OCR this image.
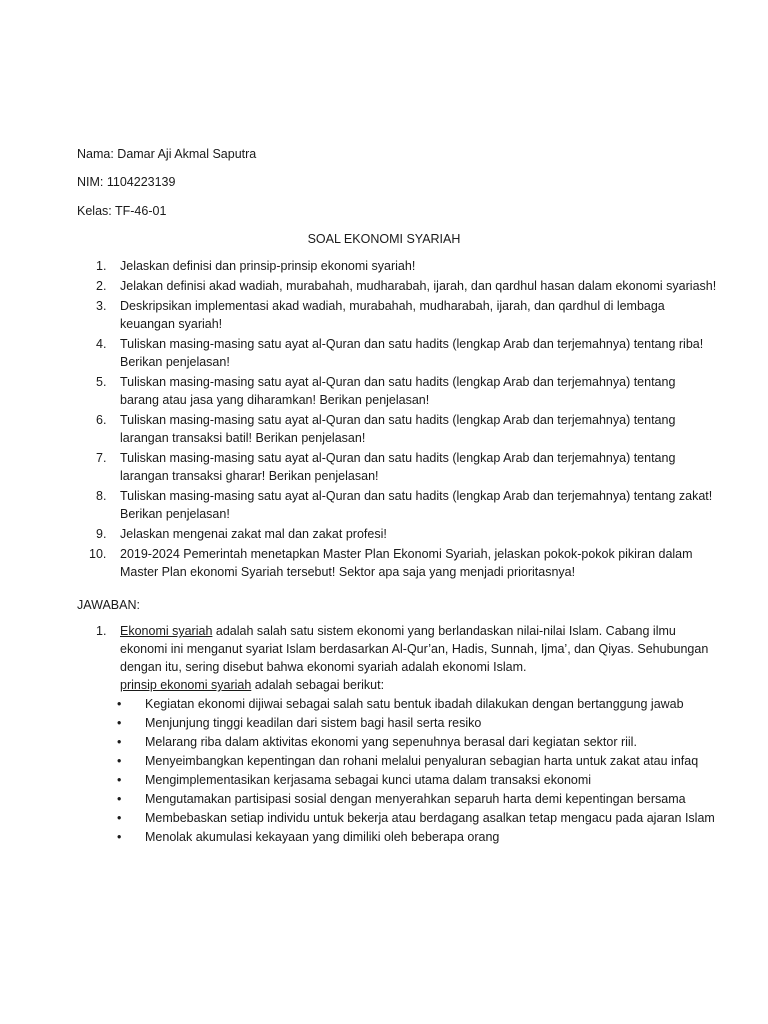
Nama: Damar Aji Akmal Saputra
NIM: 1104223139
Kelas: TF-46-01
SOAL EKONOMI SYARIAH
1.	Jelaskan definisi dan prinsip-prinsip ekonomi syariah!
2.	Jelakan definisi akad wadiah, murabahah, mudharabah, ijarah, dan qardhul hasan dalam ekonomi syariash!
3.	Deskripsikan implementasi akad wadiah, murabahah, mudharabah, ijarah, dan qardhul di lembaga keuangan syariah!
4.	Tuliskan masing-masing satu ayat al-Quran dan satu hadits (lengkap Arab dan terjemahnya) tentang riba! Berikan penjelasan!
5.	Tuliskan masing-masing satu ayat al-Quran dan satu hadits (lengkap Arab dan terjemahnya) tentang barang atau jasa yang diharamkan! Berikan penjelasan!
6.	Tuliskan masing-masing satu ayat al-Quran dan satu hadits (lengkap Arab dan terjemahnya) tentang larangan transaksi batil! Berikan penjelasan!
7.	Tuliskan masing-masing satu ayat al-Quran dan satu hadits (lengkap Arab dan terjemahnya) tentang larangan transaksi gharar! Berikan penjelasan!
8.	Tuliskan masing-masing satu ayat al-Quran dan satu hadits (lengkap Arab dan terjemahnya) tentang zakat! Berikan penjelasan!
9.	Jelaskan mengenai zakat mal dan zakat profesi!
10.	2019-2024 Pemerintah menetapkan Master Plan Ekonomi Syariah, jelaskan pokok-pokok pikiran dalam Master Plan ekonomi Syariah tersebut! Sektor apa saja yang menjadi prioritasnya!
JAWABAN:
1.	Ekonomi syariah adalah salah satu sistem ekonomi yang berlandaskan nilai-nilai Islam. Cabang ilmu ekonomi ini menganut syariat Islam berdasarkan Al-Qur’an, Hadis, Sunnah, Ijma’, dan Qiyas. Sehubungan dengan itu, sering disebut bahwa ekonomi syariah adalah ekonomi Islam.
prinsip ekonomi syariah adalah sebagai berikut:
• Kegiatan ekonomi dijiwai sebagai salah satu bentuk ibadah dilakukan dengan bertanggung jawab
• Menjunjung tinggi keadilan dari sistem bagi hasil serta resiko
• Melarang riba dalam aktivitas ekonomi yang sepenuhnya berasal dari kegiatan sektor riil.
• Menyeimbangkan kepentingan dan rohani melalui penyaluran sebagian harta untuk zakat atau infaq
• Mengimplementasikan kerjasama sebagai kunci utama dalam transaksi ekonomi
• Mengutamakan partisipasi sosial dengan menyerahkan separuh harta demi kepentingan bersama
• Membebaskan setiap individu untuk bekerja atau berdagang asalkan tetap mengacu pada ajaran Islam
• Menolak akumulasi kekayaan yang dimiliki oleh beberapa orang
